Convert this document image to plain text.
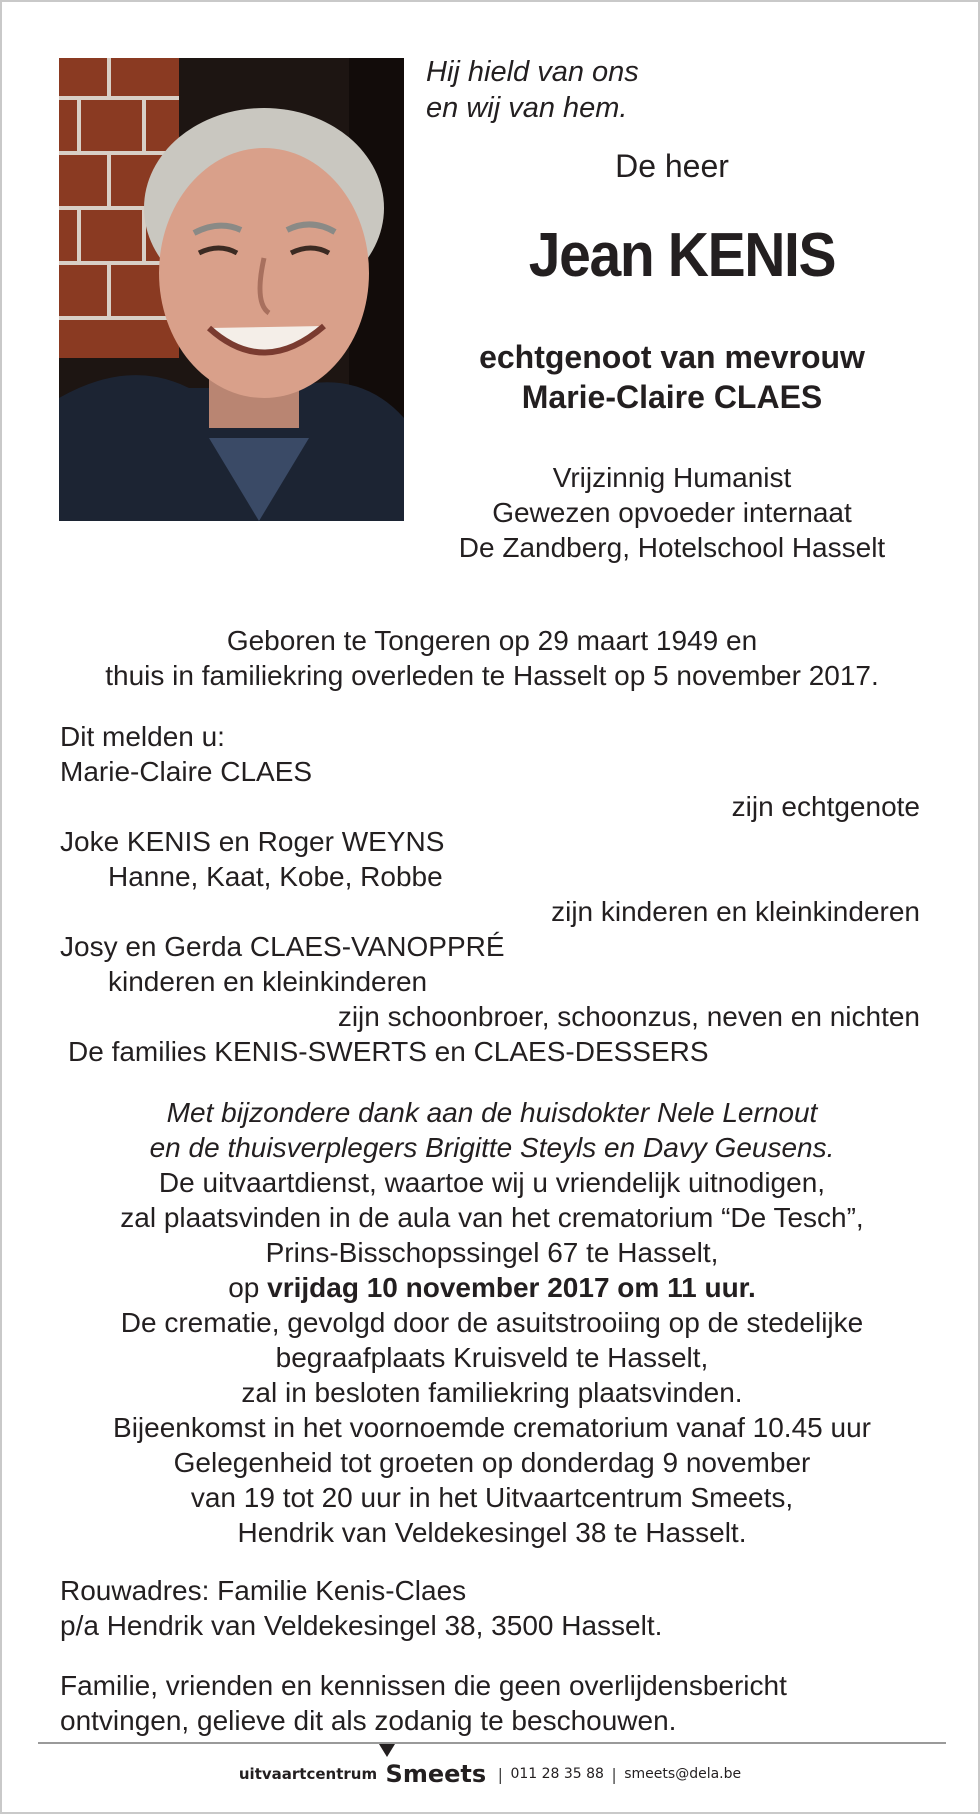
Hij hield van ons
en wij van hem.
De heer
Jean KENIS
echtgenoot van mevrouw
Marie-Claire CLAES
Vrijzinnig Humanist
Gewezen opvoeder internaat
De Zandberg, Hotelschool Hasselt
Geboren te Tongeren op 29 maart 1949 en
thuis in familiekring overleden te Hasselt op 5 november 2017.
Dit melden u:
Marie-Claire CLAES
zijn echtgenote
Joke KENIS en Roger WEYNS
Hanne, Kaat, Kobe, Robbe
zijn kinderen en kleinkinderen
Josy en Gerda CLAES-VANOPPRÉ
kinderen en kleinkinderen
zijn schoonbroer, schoonzus, neven en nichten
De families KENIS-SWERTS en CLAES-DESSERS
Met bijzondere dank aan de huisdokter Nele Lernout
en de thuisverplegers Brigitte Steyls en Davy Geusens.
De uitvaartdienst, waartoe wij u vriendelijk uitnodigen,
zal plaatsvinden in de aula van het crematorium “De Tesch”,
Prins-Bisschopssingel 67 te Hasselt,
op vrijdag 10 november 2017 om 11 uur.
De crematie, gevolgd door de asuitstrooiing op de stedelijke
begraafplaats Kruisveld te Hasselt,
zal in besloten familiekring plaatsvinden.
Bijeenkomst in het voornoemde crematorium vanaf 10.45 uur
Gelegenheid tot groeten op donderdag 9 november
van 19 tot 20 uur in het Uitvaartcentrum Smeets,
Hendrik van Veldekesingel 38 te Hasselt.
Rouwadres: Familie Kenis-Claes
p/a Hendrik van Veldekesingel 38, 3500 Hasselt.
Familie, vrienden en kennissen die geen overlijdensbericht
ontvingen, gelieve dit als zodanig te beschouwen.
uitvaartcentrum Smeets | 011 28 35 88 | smeets@dela.be
